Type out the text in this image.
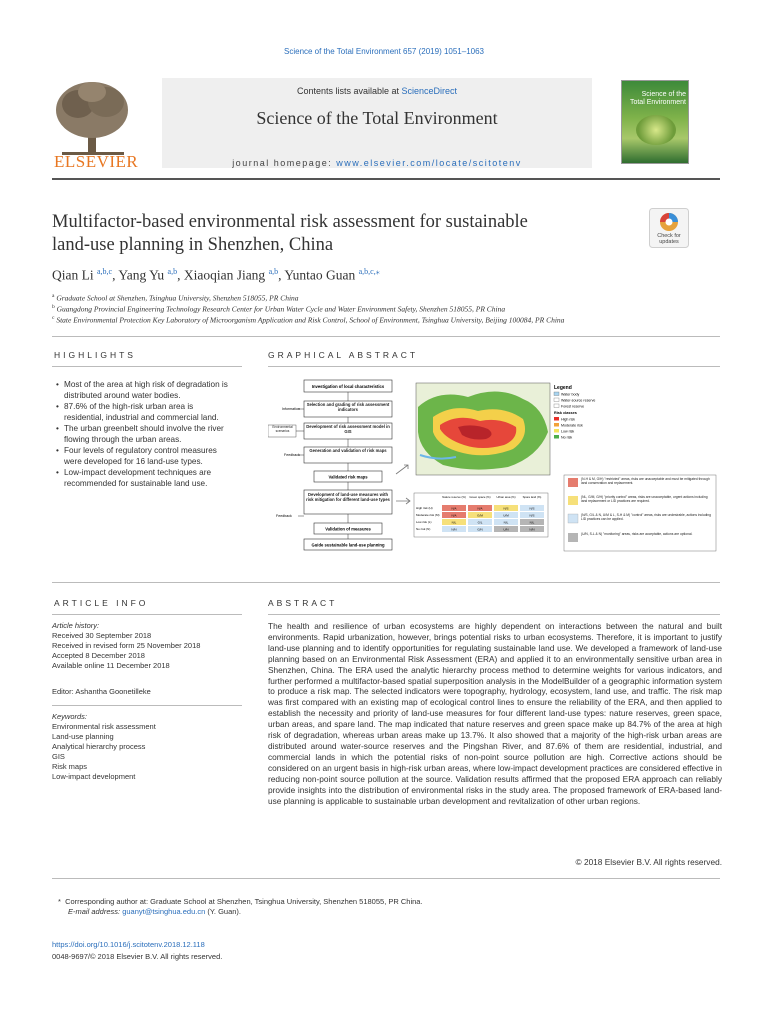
Science of the Total Environment 657 (2019) 1051–1063
ELSEVIER
Contents lists available at ScienceDirect
Science of the Total Environment
journal homepage: www.elsevier.com/locate/scitotenv
Science of the
Total Environment
Multifactor-based environmental risk assessment for sustainable
land-use planning in Shenzhen, China	Check for
updates
Qian Li $^{a,b,c}$, Yang Yu $^{a,b}$, Xiaoqian Jiang $^{a,b}$, Yuntao Guan $^{a,b,c,⁎}$
$^a$ Graduate School at Shenzhen, Tsinghua University, Shenzhen 518055, PR China
$^b$ Guangdong Provincial Engineering Technology Research Center for Urban Water Cycle and Water Environment Safety, Shenzhen 518055, PR China
$^c$ State Environmental Protection Key Laboratory of Microorganism Application and Risk Control, School of Environment, Tsinghua University, Beijing 100084, PR China
HIGHLIGHTS	GRAPHICAL ABSTRACT
• Most of the area at high risk of degradation is distributed around water bodies.
• 87.6% of the high-risk urban area is residential, industrial and commercial land.
• The urban greenbelt should involve the river flowing through the urban areas.
• Four levels of regulatory control measures were developed for 16 land-use types.
• Low-impact development techniques are recommended for sustainable land use.
Investigation of local characteristics
Selection and grading of risk assessment indicators
Development of risk assessment model in GIS
Generation and validation of risk maps
Validated risk maps
Development of land-use measures with risk mitigation for different land-use types
Validation of measures
Guide sustainable land-use planning
Information
Environmental scenarios
Feedback
Feedback
Legend
Water body
Water-source reserve
Forest reserve
Risk classes
High risk
Moderate risk
Low risk
No risk
Nature reserve (%) Green space (%) Urban area (%)	Spare land (%)
High risk (H)	N/A	N/A	N/S	N/S
Moderate risk (M)	N/A	G/M	U/M	N/S
Low risk (L)	N/L	G/L	N/L	N/L
No risk (N)	N/N	G/N	U/N	N/N
(N-H & M, G/H) "restricted" areas, risks are unacceptable and must be mitigated through land conservation and replacement.
(NL, G/M, G/H) "priority control" areas, risks are unacceptable, urgent actions including land replacement or LID practices are required.
(N/S, G/L & N, U/M & L, S-H & M) "control" areas, risks are undesirable, actions including LID practices can be applied.
(U/N, S-L & N) "monitoring" areas, risks are acceptable, actions are optional.
ARTICLE INFO	ABSTRACT
Article history:
Received 30 September 2018
Received in revised form 25 November 2018
Accepted 8 December 2018
Available online 11 December 2018
Editor: Ashantha Goonetilleke
Keywords:
Environmental risk assessment
Land-use planning
Analytical hierarchy process
GIS
Risk maps
Low-impact development
The health and resilience of urban ecosystems are highly dependent on interactions between the natural and built environments. Rapid urbanization, however, brings potential risks to urban ecosystems. Therefore, it is important to justify land-use planning and to identify opportunities for regulating sustainable land use. We developed a framework of land-use planning based on an Environmental Risk Assessment (ERA) and applied it to an environmentally sensitive urban area in Shenzhen, China. The ERA used the analytic hierarchy process method to determine weights for various indicators, and further performed a multifactor-based spatial superposition analysis in the ModelBuilder of a geographic information system to produce a risk map. The selected indicators were topography, hydrology, ecosystem, land use, and traffic. The risk map was first compared with an existing map of ecological control lines to ensure the reliability of the ERA, and then applied to establish the necessity and priority of land-use measures for four different land-use types: nature reserves, green space, urban areas, and spare land. The map indicated that nature reserves and green space make up 84.7% of the area at high risk of degradation, whereas urban areas make up 13.7%. It also showed that a majority of the high-risk urban areas are distributed around water-source reserves and the Pingshan River, and 87.6% of them are residential, industrial, and commercial lands in which the potential risks of non-point source pollution are high. Corrective actions should be considered on an urgent basis in high-risk urban areas, where low-impact development practices are considered effective in reducing non-point source pollution at the source. Validation results affirmed that the proposed ERA approach can reliably provide insights into the distribution of environmental risks in the study area. The proposed framework of ERA-based land-use planning is applicable to sustainable urban development and revitalization of other urban regions.
© 2018 Elsevier B.V. All rights reserved.
*  Corresponding author at: Graduate School at Shenzhen, Tsinghua University, Shenzhen 518055, PR China.
E-mail address: guanyt@tsinghua.edu.cn (Y. Guan).
https://doi.org/10.1016/j.scitotenv.2018.12.118
0048-9697/© 2018 Elsevier B.V. All rights reserved.
